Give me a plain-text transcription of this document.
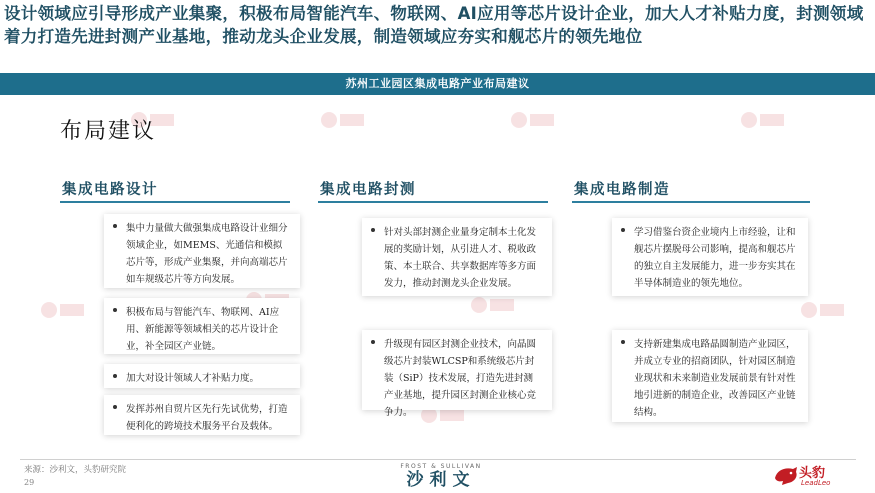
设计领域应引导形成产业集聚，积极布局智能汽车、物联网、AI应用等芯片设计企业，加大人才补贴力度，封测领域着力打造先进封测产业基地，推动龙头企业发展，制造领域应夯实和舰芯片的领先地位
苏州工业园区集成电路产业布局建议
布局建议
集成电路设计
集中力量做大做强集成电路设计业细分领域企业，如MEMS、光通信和模拟芯片等，形成产业集聚，并向高端芯片如车规级芯片等方向发展。
积极布局与智能汽车、物联网、AI应用、新能源等领域相关的芯片设计企业，补全园区产业链。
加大对设计领域人才补贴力度。
发挥苏州自贸片区先行先试优势，打造便利化的跨境技术服务平台及载体。
集成电路封测
针对头部封测企业量身定制本土化发展的奖励计划，从引进人才、税收政策、本土联合、共享数据库等多方面发力，推动封测龙头企业发展。
升级现有园区封测企业技术，向晶圆级芯片封装WLCSP和系统级芯片封装（SiP）技术发展，打造先进封测产业基地，提升园区封测企业核心竞争力。
集成电路制造
学习借鉴台资企业境内上市经验，让和舰芯片摆脱母公司影响，提高和舰芯片的独立自主发展能力，进一步夯实其在半导体制造业的领先地位。
支持新建集成电路晶圆制造产业园区，并成立专业的招商团队，针对园区制造业现状和未来制造业发展前景有针对性地引进新的制造企业，改善园区产业链结构。
来源：沙利文，头豹研究院
29
FROST & SULLIVAN
沙利文	头豹
LeadLeo
